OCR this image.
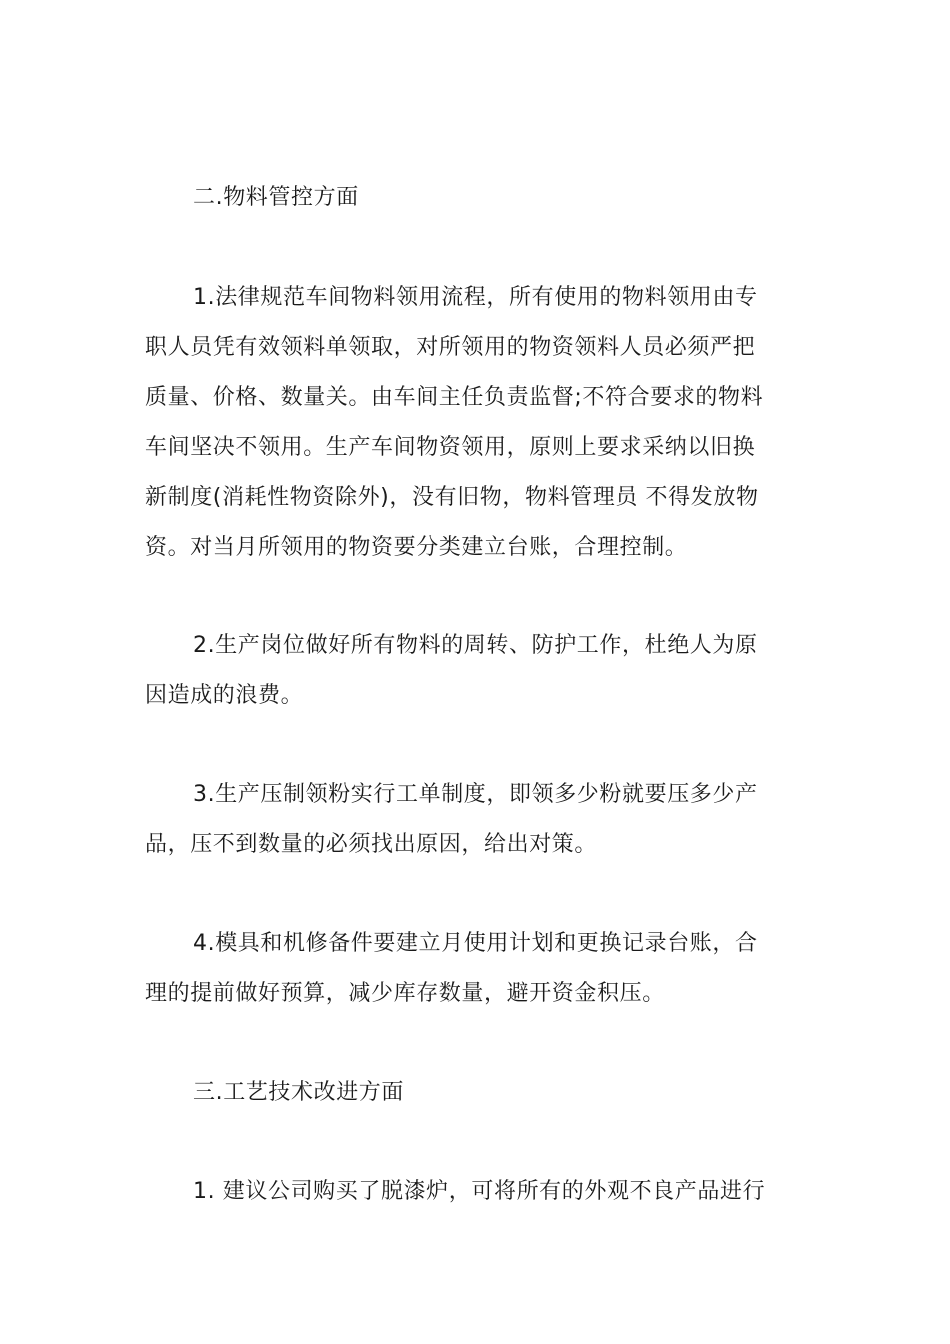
二.物料管控方面
1.法律规范车间物料领用流程，所有使用的物料领用由专
职人员凭有效领料单领取，对所领用的物资领料人员必须严把
质量、价格、数量关。由车间主任负责监督;不符合要求的物料
车间坚决不领用。生产车间物资领用，原则上要求采纳以旧换
新制度(消耗性物资除外)，没有旧物，物料管理员 不得发放物
资。对当月所领用的物资要分类建立台账，合理控制。
2.生产岗位做好所有物料的周转、防护工作，杜绝人为原
因造成的浪费。
3.生产压制领粉实行工单制度，即领多少粉就要压多少产
品，压不到数量的必须找出原因，给出对策。
4.模具和机修备件要建立月使用计划和更换记录台账，合
理的提前做好预算，减少库存数量，避开资金积压。
三.工艺技术改进方面
1. 建议公司购买了脱漆炉，可将所有的外观不良产品进行
